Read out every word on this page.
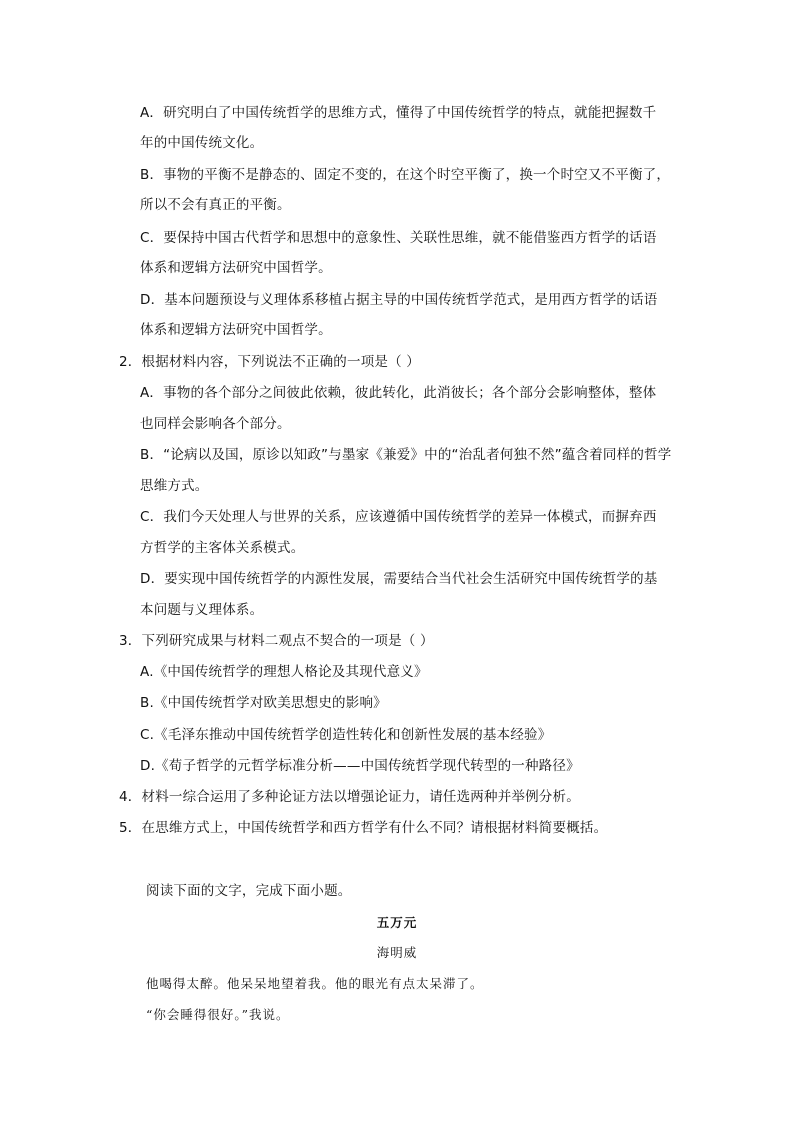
A．研究明白了中国传统哲学的思维方式，懂得了中国传统哲学的特点，就能把握数千
年的中国传统文化。
B．事物的平衡不是静态的、固定不变的，在这个时空平衡了，换一个时空又不平衡了，
所以不会有真正的平衡。
C．要保持中国古代哲学和思想中的意象性、关联性思维，就不能借鉴西方哲学的话语
体系和逻辑方法研究中国哲学。
D．基本问题预设与义理体系移植占据主导的中国传统哲学范式，是用西方哲学的话语
体系和逻辑方法研究中国哲学。
2．根据材料内容，下列说法不正确的一项是（ ）
A．事物的各个部分之间彼此依赖，彼此转化，此消彼长；各个部分会影响整体，整体
也同样会影响各个部分。
B．“论病以及国，原诊以知政”与墨家《兼爱》中的“治乱者何独不然”蕴含着同样的哲学
思维方式。
C．我们今天处理人与世界的关系，应该遵循中国传统哲学的差异一体模式，而摒弃西
方哲学的主客体关系模式。
D．要实现中国传统哲学的内源性发展，需要结合当代社会生活研究中国传统哲学的基
本问题与义理体系。
3．下列研究成果与材料二观点不契合的一项是（ ）
A.《中国传统哲学的理想人格论及其现代意义》
B.《中国传统哲学对欧美思想史的影响》
C.《毛泽东推动中国传统哲学创造性转化和创新性发展的基本经验》
D.《荀子哲学的元哲学标准分析——中国传统哲学现代转型的一种路径》
4．材料一综合运用了多种论证方法以增强论证力，请任选两种并举例分析。
5．在思维方式上，中国传统哲学和西方哲学有什么不同？请根据材料简要概括。
阅读下面的文字，完成下面小题。
五万元
海明威
他喝得太醉。他呆呆地望着我。他的眼光有点太呆滞了。
“你会睡得很好。”我说。
